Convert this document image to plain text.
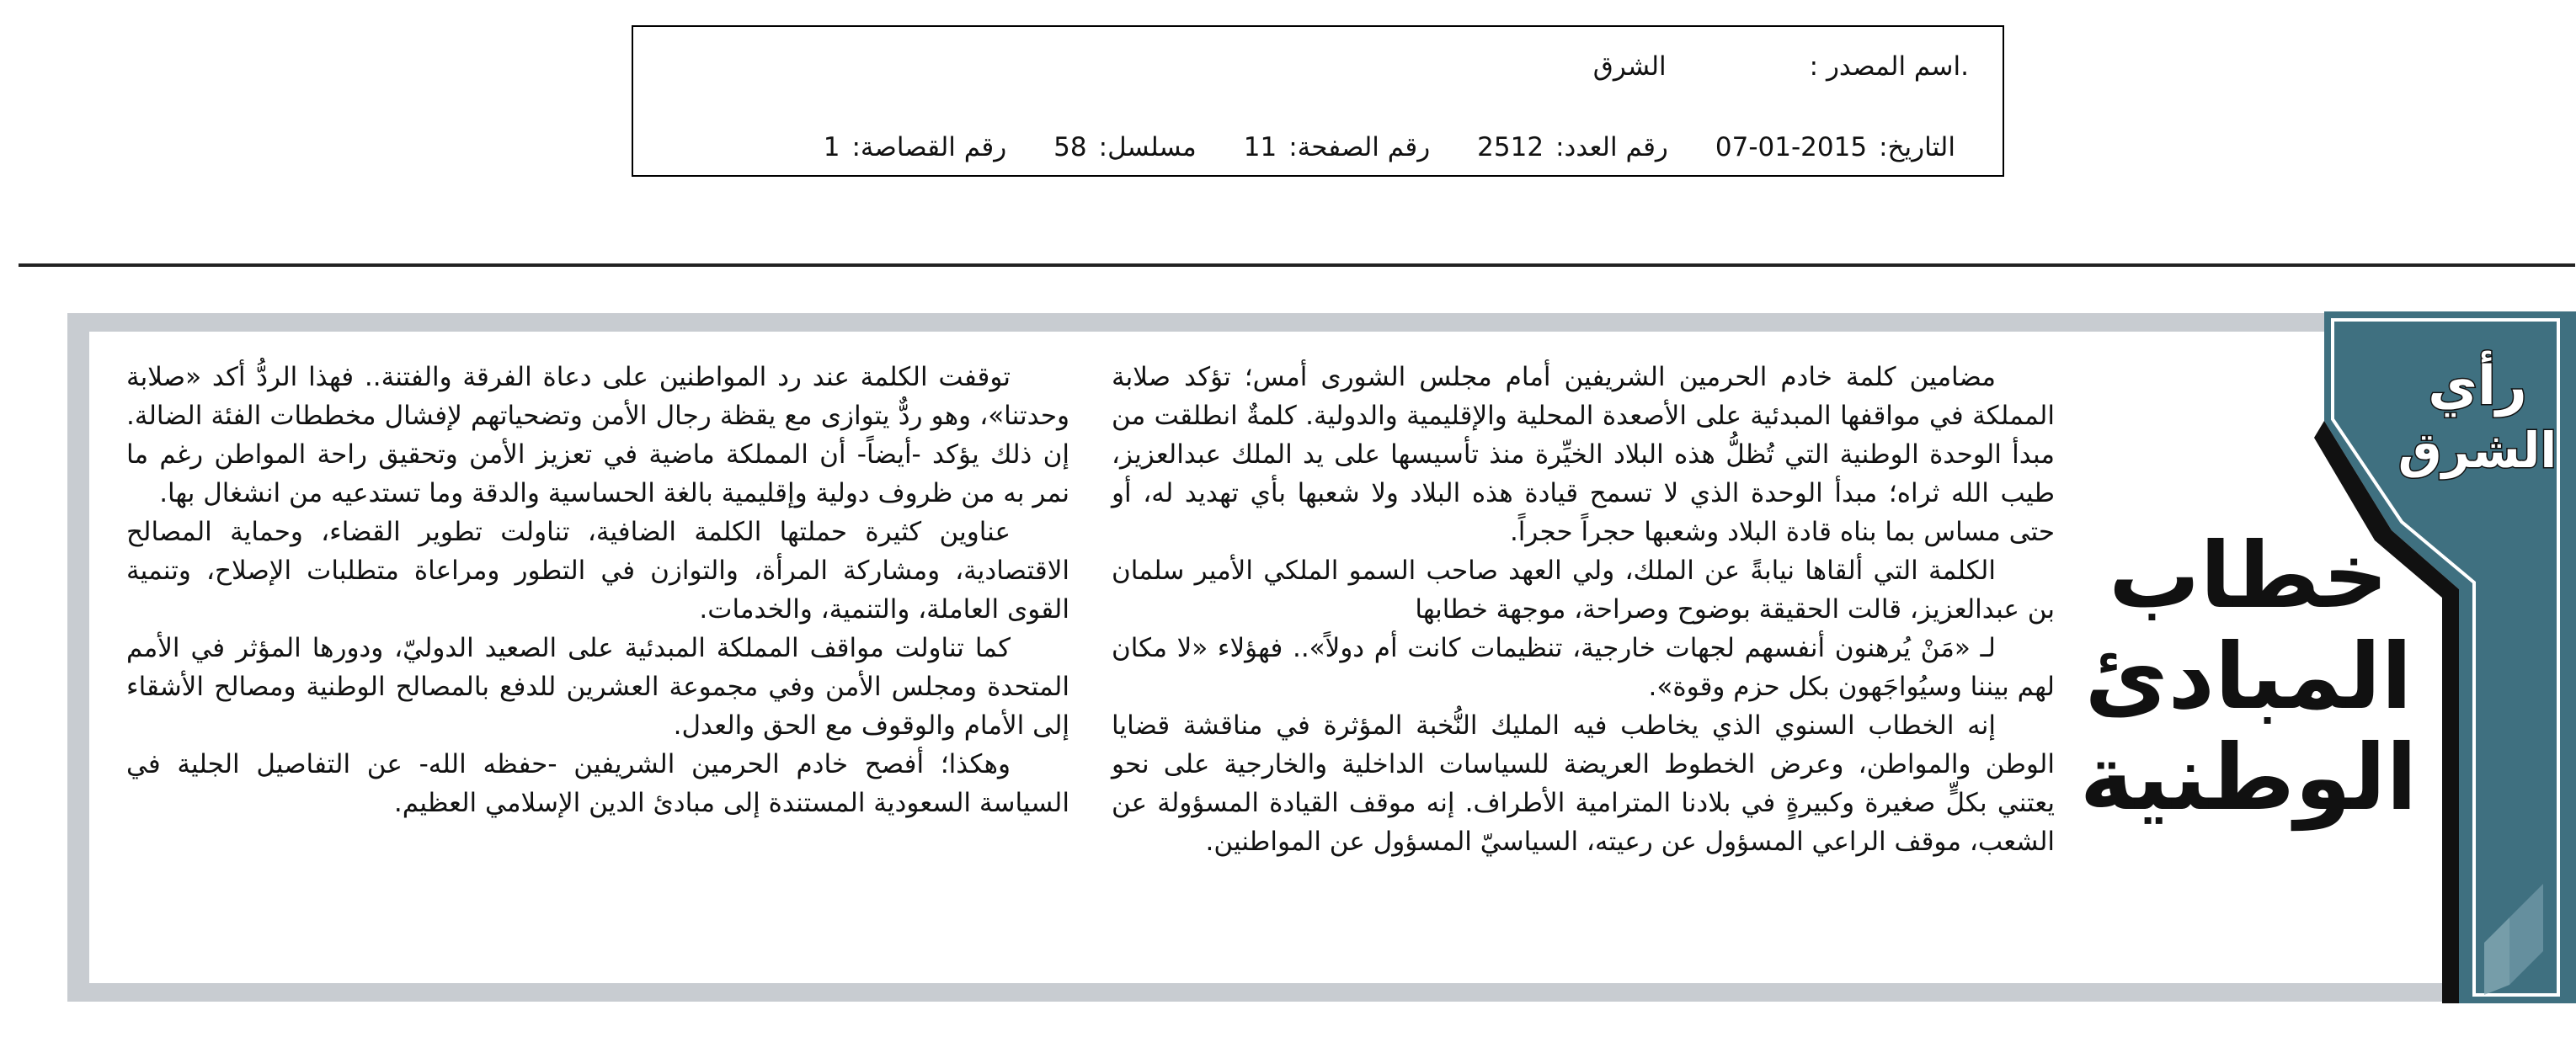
.اسم المصدر :
الشرق
التاريخ:2015-01-07
رقم العدد:2512
رقم الصفحة:11
مسلسل:58
رقم القصاصة:1
رأي
الشرق
خطاب
المبادئ
الوطنية

مضامين كلمة خادم الحرمين الشريفين أمام مجلس الشورى أمس؛ تؤكد صلابة المملكة في مواقفها المبدئية على الأصعدة المحلية والإقليمية والدولية. كلمةٌ انطلقت من مبدأ الوحدة الوطنية التي تُظلُّ هذه البلاد الخيِّرة منذ تأسيسها على يد الملك عبدالعزيز، طيب الله ثراه؛ مبدأ الوحدة الذي لا تسمح قيادة هذه البلاد ولا شعبها بأي تهديد له، أو حتى مساس بما بناه قادة البلاد وشعبها حجراً حجراً.

الكلمة التي ألقاها نيابةً عن الملك، ولي العهد صاحب السمو الملكي الأمير سلمان بن عبدالعزيز، قالت الحقيقة بوضوح وصراحة، موجهة خطابها

لـ «مَنْ يُرهنون أنفسهم لجهات خارجية، تنظيمات كانت أم دولاً».. فهؤلاء «لا مكان لهم بيننا وسيُواجَهون بكل حزم وقوة».

إنه الخطاب السنوي الذي يخاطب فيه المليك النُّخبة المؤثرة في مناقشة قضايا الوطن والمواطن، وعرض الخطوط العريضة للسياسات الداخلية والخارجية على نحو يعتني بكلٍّ صغيرة وكبيرةٍ في بلادنا المترامية الأطراف. إنه موقف القيادة المسؤولة عن الشعب، موقف الراعي المسؤول عن رعيته، السياسيّ المسؤول عن المواطنين.

توقفت الكلمة عند رد المواطنين على دعاة الفرقة والفتنة.. فهذا الردُّ أكد «صلابة وحدتنا»، وهو ردٌّ يتوازى مع يقظة رجال الأمن وتضحياتهم لإفشال مخططات الفئة الضالة. إن ذلك يؤكد -أيضاً- أن المملكة ماضية في تعزيز الأمن وتحقيق راحة المواطن رغم ما نمر به من ظروف دولية وإقليمية بالغة الحساسية والدقة وما تستدعيه من انشغال بها.

عناوين كثيرة حملتها الكلمة الضافية، تناولت تطوير القضاء، وحماية المصالح الاقتصادية، ومشاركة المرأة، والتوازن في التطور ومراعاة متطلبات الإصلاح، وتنمية القوى العاملة، والتنمية، والخدمات.

كما تناولت مواقف المملكة المبدئية على الصعيد الدوليّ، ودورها المؤثر في الأمم المتحدة ومجلس الأمن وفي مجموعة العشرين للدفع بالمصالح الوطنية ومصالح الأشقاء إلى الأمام والوقوف مع الحق والعدل.

وهكذا؛ أفصح خادم الحرمين الشريفين -حفظه الله- عن التفاصيل الجلية في السياسة السعودية المستندة إلى مبادئ الدين الإسلامي العظيم.
